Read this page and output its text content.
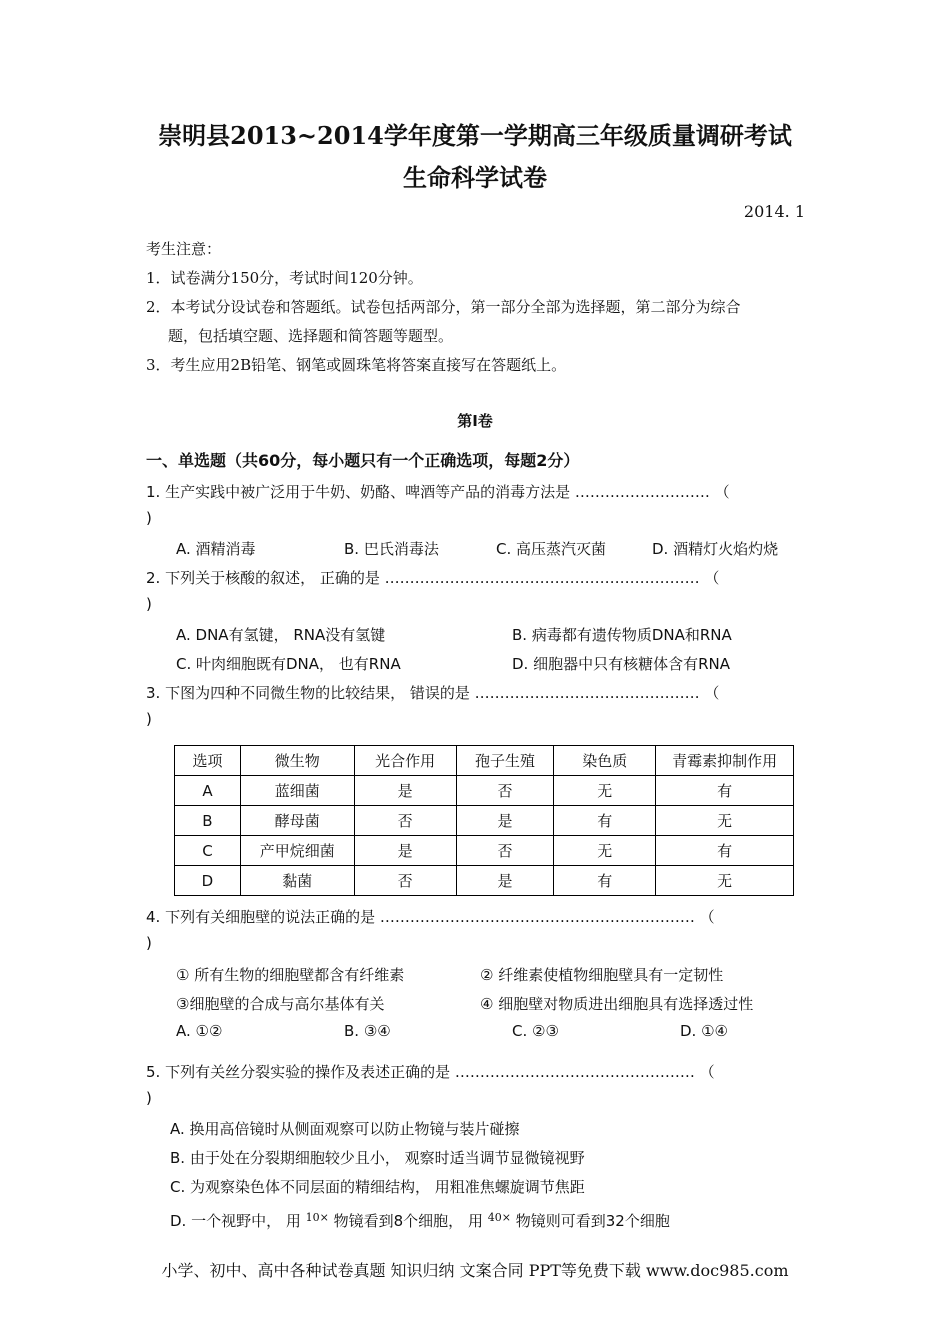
崇明县2013~2014学年度第一学期高三年级质量调研考试
生命科学试卷
2014. 1
考生注意：
1．试卷满分150分，考试时间120分钟。
2．本考试分设试卷和答题纸。试卷包括两部分，第一部分全部为选择题，第二部分为综合
题，包括填空题、选择题和简答题等题型。
3．考生应用2B铅笔、钢笔或圆珠笔将答案直接写在答题纸上。
第I卷
一、单选题（共60分，每小题只有一个正确选项，每题2分）
1. 生产实践中被广泛用于牛奶、奶酪、啤酒等产品的消毒方法是 ……………………… （
)
A. 酒精消毒	B. 巴氏消毒法	C. 高压蒸汽灭菌	D. 酒精灯火焰灼烧
2. 下列关于核酸的叙述， 正确的是 ……………………………………………………… （
)
A. DNA有氢键， RNA没有氢键	B. 病毒都有遗传物质DNA和RNA
C. 叶肉细胞既有DNA， 也有RNA	D. 细胞器中只有核糖体含有RNA
3. 下图为四种不同微生物的比较结果， 错误的是 ……………………………………… （
)
选项	微生物	光合作用	孢子生殖	染色质	青霉素抑制作用
A	蓝细菌	是	否	无	有
B	酵母菌	否	是	有	无
C	产甲烷细菌	是	否	无	有
D	黏菌	否	是	有	无
4. 下列有关细胞壁的说法正确的是 ……………………………………………………… （
)
① 所有生物的细胞壁都含有纤维素	② 纤维素使植物细胞壁具有一定韧性
③细胞壁的合成与高尔基体有关	④ 细胞壁对物质进出细胞具有选择透过性
A. ①②	B. ③④	C. ②③	D. ①④
5. 下列有关丝分裂实验的操作及表述正确的是 ………………………………………… （
)
A. 换用高倍镜时从侧面观察可以防止物镜与装片碰擦
B. 由于处在分裂期细胞较少且小， 观察时适当调节显微镜视野
C. 为观察染色体不同层面的精细结构， 用粗准焦螺旋调节焦距
D. 一个视野中， 用 $^{10\times}$ 物镜看到8个细胞， 用 $^{40\times}$ 物镜则可看到32个细胞
小学、初中、高中各种试卷真题 知识归纳 文案合同 PPT等免费下载 www.doc985.com
